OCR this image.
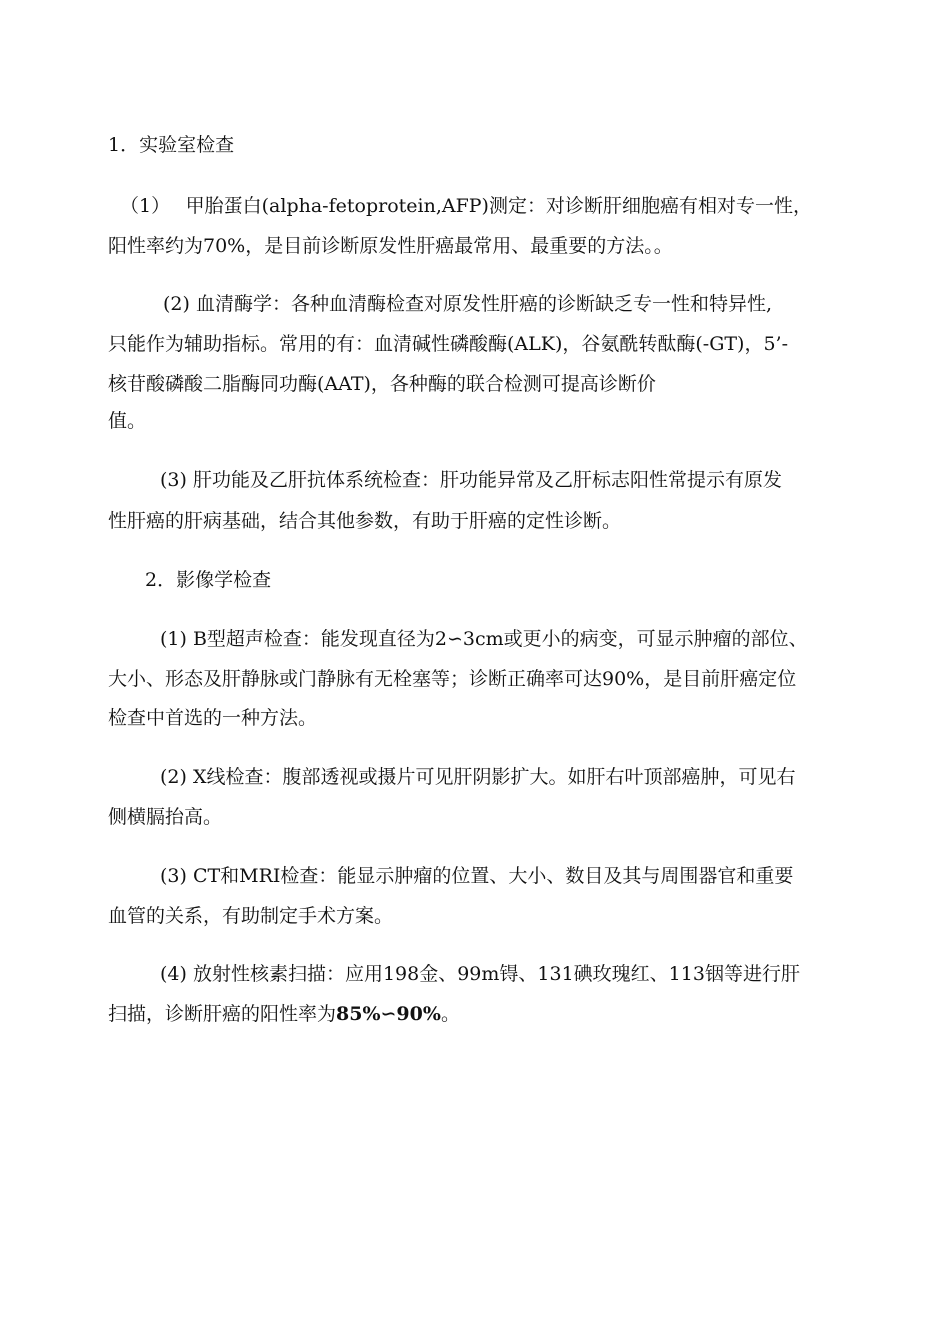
1．实验室检查
（1）　 甲胎蛋白(alpha-fetoprotein,AFP)测定：对诊断肝细胞癌有相对专一性，
阳性率约为70%，是目前诊断原发性肝癌最常用、最重要的方法。。
(2) 血清酶学：各种血清酶检查对原发性肝癌的诊断缺乏专一性和特异性,
只能作为辅助指标。常用的有：血清碱性磷酸酶(ALK)，谷氨酰转酞酶(-GT)，5’-
核苷酸磷酸二脂酶同功酶(AAT)，各种酶的联合检测可提高诊断价
值。
(3) 肝功能及乙肝抗体系统检查：肝功能异常及乙肝标志阳性常提示有原发
性肝癌的肝病基础，结合其他参数，有助于肝癌的定性诊断。
2．影像学检查
(1) B型超声检查：能发现直径为2∽3cm或更小的病变，可显示肿瘤的部位、
大小、形态及肝静脉或门静脉有无栓塞等；诊断正确率可达90%，是目前肝癌定位
检查中首选的一种方法。
(2) X线检查：腹部透视或摄片可见肝阴影扩大。如肝右叶顶部癌肿，可见右
侧横膈抬高。
(3) CT和MRI检查：能显示肿瘤的位置、大小、数目及其与周围器官和重要
血管的关系，有助制定手术方案。
(4) 放射性核素扫描：应用198金、99m锝、131碘玫瑰红、113铟等进行肝
扫描，诊断肝癌的阳性率为85%∽90%。
